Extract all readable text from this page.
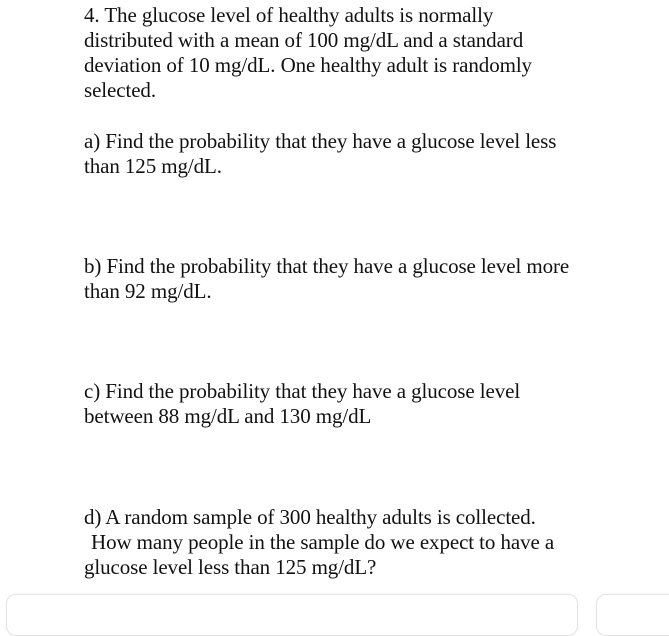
4. The glucose level of healthy adults is normally
distributed with a mean of 100 mg/dL and a standard
deviation of 10 mg/dL. One healthy adult is randomly
selected.
a) Find the probability that they have a glucose level less
than 125 mg/dL.
b) Find the probability that they have a glucose level more
than 92 mg/dL.
c) Find the probability that they have a glucose level
between 88 mg/dL and 130 mg/dL
d) A random sample of 300 healthy adults is collected.
How many people in the sample do we expect to have a
glucose level less than 125 mg/dL?
